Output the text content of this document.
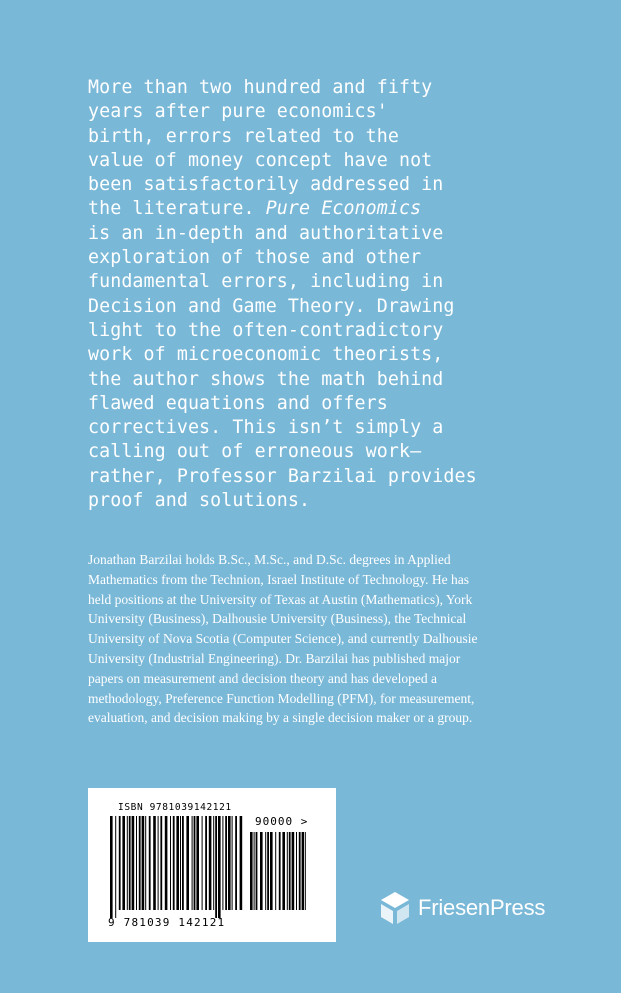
More than two hundred and fifty
years after pure economics'
birth, errors related to the
value of money concept have not
been satisfactorily addressed in
the literature. Pure Economics
is an in-depth and authoritative
exploration of those and other
fundamental errors, including in
Decision and Game Theory. Drawing
light to the often-contradictory
work of microeconomic theorists,
the author shows the math behind
flawed equations and offers
correctives. This isn’t simply a
calling out of erroneous work—
rather, Professor Barzilai provides
proof and solutions.
Jonathan Barzilai holds B.Sc., M.Sc., and D.Sc. degrees in Applied
Mathematics from the Technion, Israel Institute of Technology. He has
held positions at the University of Texas at Austin (Mathematics), York
University (Business), Dalhousie University (Business), the Technical
University of Nova Scotia (Computer Science), and currently Dalhousie
University (Industrial Engineering). Dr. Barzilai has published major
papers on measurement and decision theory and has developed a
methodology, Preference Function Modelling (PFM), for measurement,
evaluation, and decision making by a single decision maker or a group.
ISBN 9781039142121
90000 >
9 781039 142121
FriesenPress
